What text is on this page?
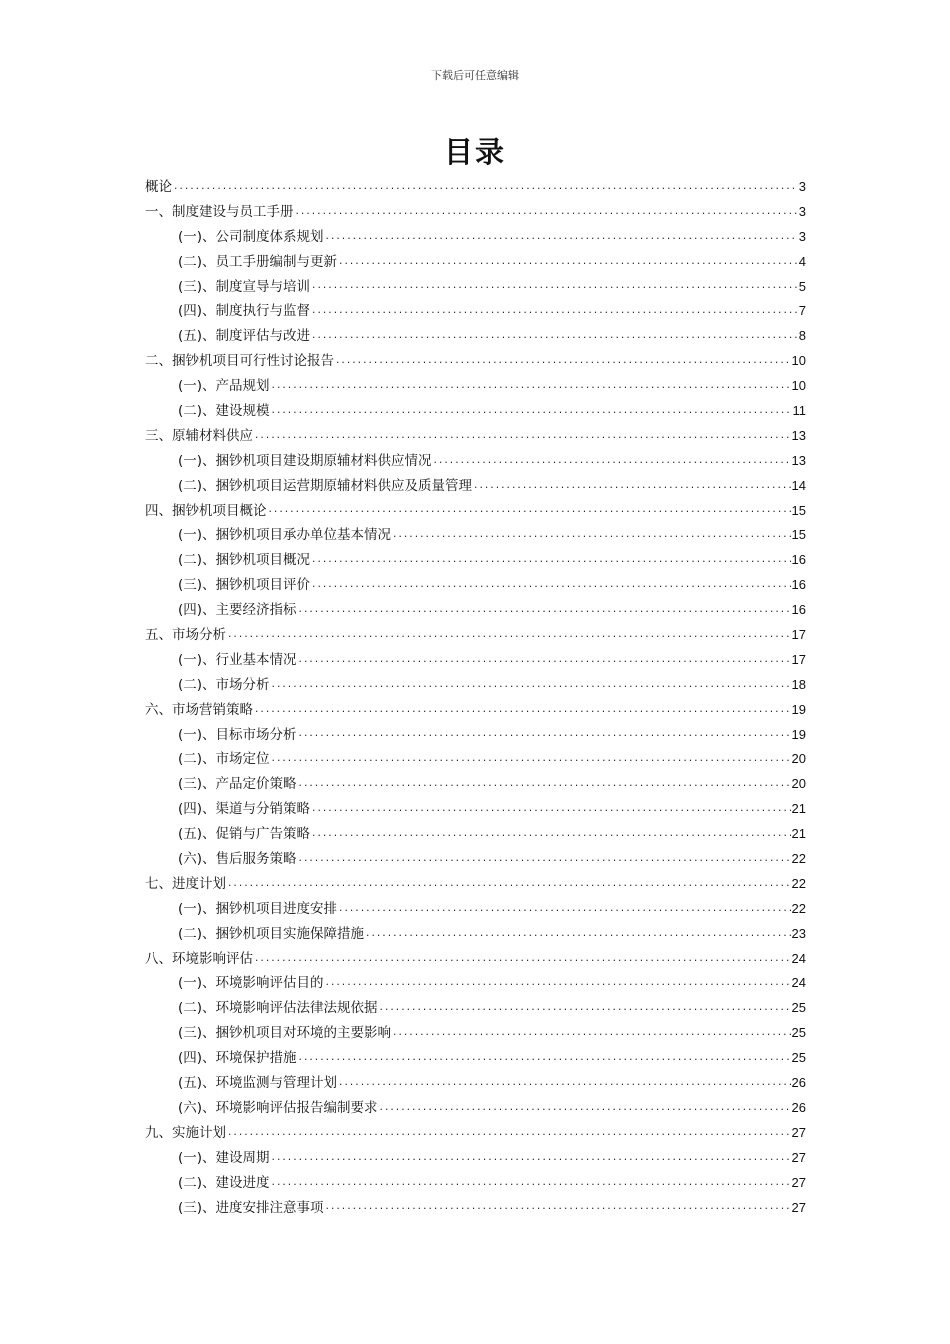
下载后可任意编辑
目录
概论 .....	3
一、制度建设与员工手册 .....	3
(一)、公司制度体系规划 .....	3
(二)、员工手册编制与更新 .....	4
(三)、制度宣导与培训 .....	5
(四)、制度执行与监督 .....	7
(五)、制度评估与改进 .....	8
二、捆钞机项目可行性讨论报告 .....	10
(一)、产品规划 .....	10
(二)、建设规模 .....	11
三、原辅材料供应 .....	13
(一)、捆钞机项目建设期原辅材料供应情况 .....	13
(二)、捆钞机项目运营期原辅材料供应及质量管理 .....	14
四、捆钞机项目概论 .....	15
(一)、捆钞机项目承办单位基本情况 .....	15
(二)、捆钞机项目概况 .....	16
(三)、捆钞机项目评价 .....	16
(四)、主要经济指标 .....	16
五、市场分析 .....	17
(一)、行业基本情况 .....	17
(二)、市场分析 .....	18
六、市场营销策略 .....	19
(一)、目标市场分析 .....	19
(二)、市场定位 .....	20
(三)、产品定价策略 .....	20
(四)、渠道与分销策略 .....	21
(五)、促销与广告策略 .....	21
(六)、售后服务策略 .....	22
七、进度计划 .....	22
(一)、捆钞机项目进度安排 .....	22
(二)、捆钞机项目实施保障措施 .....	23
八、环境影响评估 .....	24
(一)、环境影响评估目的 .....	24
(二)、环境影响评估法律法规依据 .....	25
(三)、捆钞机项目对环境的主要影响 .....	25
(四)、环境保护措施 .....	25
(五)、环境监测与管理计划 .....	26
(六)、环境影响评估报告编制要求 .....	26
九、实施计划 .....	27
(一)、建设周期 .....	27
(二)、建设进度 .....	27
(三)、进度安排注意事项 .....	27
